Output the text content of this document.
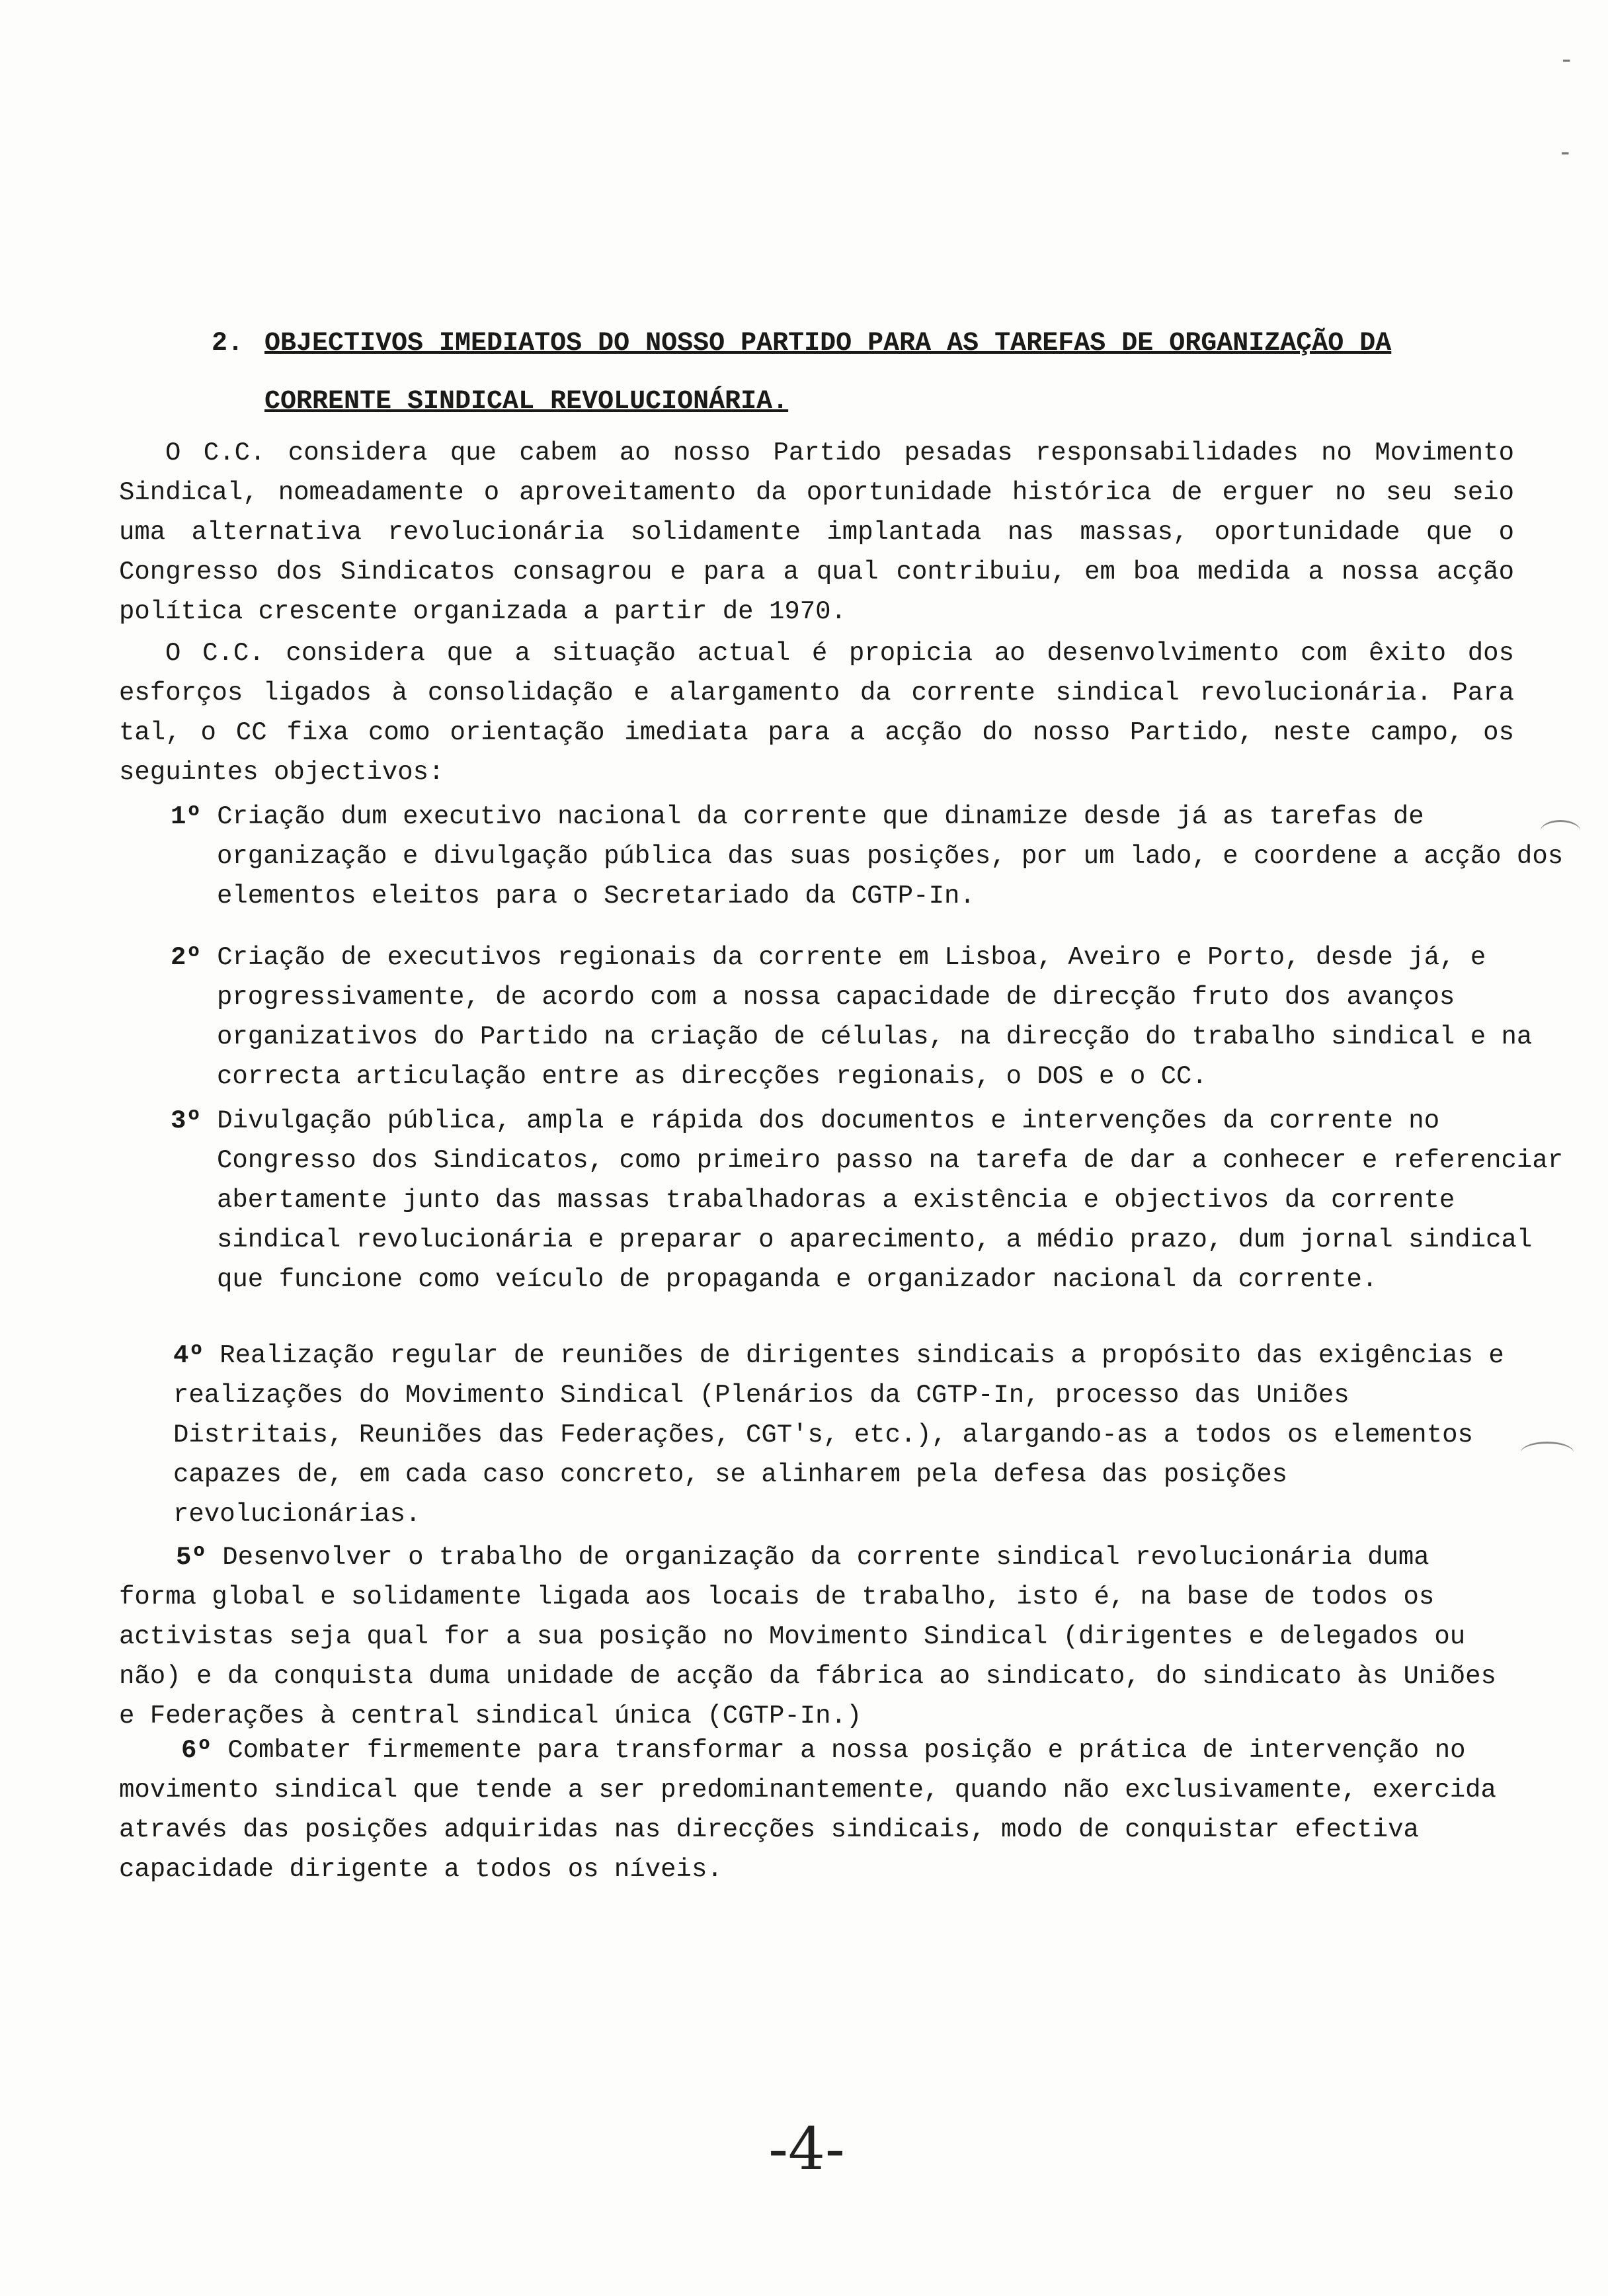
-
-
2. OBJECTIVOS IMEDIATOS DO NOSSO PARTIDO PARA AS TAREFAS DE ORGANIZAÇÃO DA
CORRENTE SINDICAL REVOLUCIONÁRIA.

O C.C. considera que cabem ao nosso Partido pesadas responsabilidades no Movimento Sindical, nomeadamente o aproveitamento da oportunidade histórica de erguer no seu seio uma alternativa revolucionária solidamente implantada nas massas, oportunidade que o Congresso dos Sindicatos consagrou e para a qual contribuiu, em boa medida a nossa acção política crescente organizada a partir de 1970.

O C.C. considera que a situação actual é propicia ao desenvolvimento com êxito dos esforços ligados à consolidação e alargamento da corrente sindical revolucionária. Para tal, o CC fixa como orientação imediata para a acção do nosso Partido, neste campo, os seguintes objectivos:

1º Criação dum executivo nacional da corrente que dinamize desde já as tarefas de organização e divulgação pública das suas posições, por um lado, e coordene a acção dos elementos eleitos para o Secretariado da CGTP-In.
2º Criação de executivos regionais da corrente em Lisboa, Aveiro e Porto, desde já, e progressivamente, de acordo com a nossa capacidade de direcção fruto dos avanços organizativos do Partido na criação de células, na direcção do trabalho sindical e na correcta articulação entre as direcções regionais, o DOS e o CC.
3º Divulgação pública, ampla e rápida dos documentos e intervenções da corrente no Congresso dos Sindicatos, como primeiro passo na tarefa de dar a conhecer e referenciar abertamente junto das massas trabalhadoras a existência e objectivos da corrente sindical revolucionária e preparar o aparecimento, a médio prazo, dum jornal sindical que funcione como veículo de propaganda e organizador nacional da corrente.
4º Realização regular de reuniões de dirigentes sindicais a propósito das exigências e realizações do Movimento Sindical (Plenários da CGTP-In, processo das Uniões Distritais, Reuniões das Federações, CGT's, etc.), alargando-as a todos os elementos capazes de, em cada caso concreto, se alinharem pela defesa das posições revolucionárias.
5º Desenvolver o trabalho de organização da corrente sindical revolucionária duma forma global e solidamente ligada aos locais de trabalho, isto é, na base de todos os activistas seja qual for a sua posição no Movimento Sindical (dirigentes e delegados ou não) e da conquista duma unidade de acção da fábrica ao sindicato, do sindicato às Uniões e Federações à central sindical única (CGTP-In.)
6º Combater firmemente para transformar a nossa posição e prática de intervenção no movimento sindical que tende a ser predominantemente, quando não exclusivamente, exercida através das posições adquiridas nas direcções sindicais, modo de conquistar efectiva capacidade dirigente a todos os níveis.
-4-
